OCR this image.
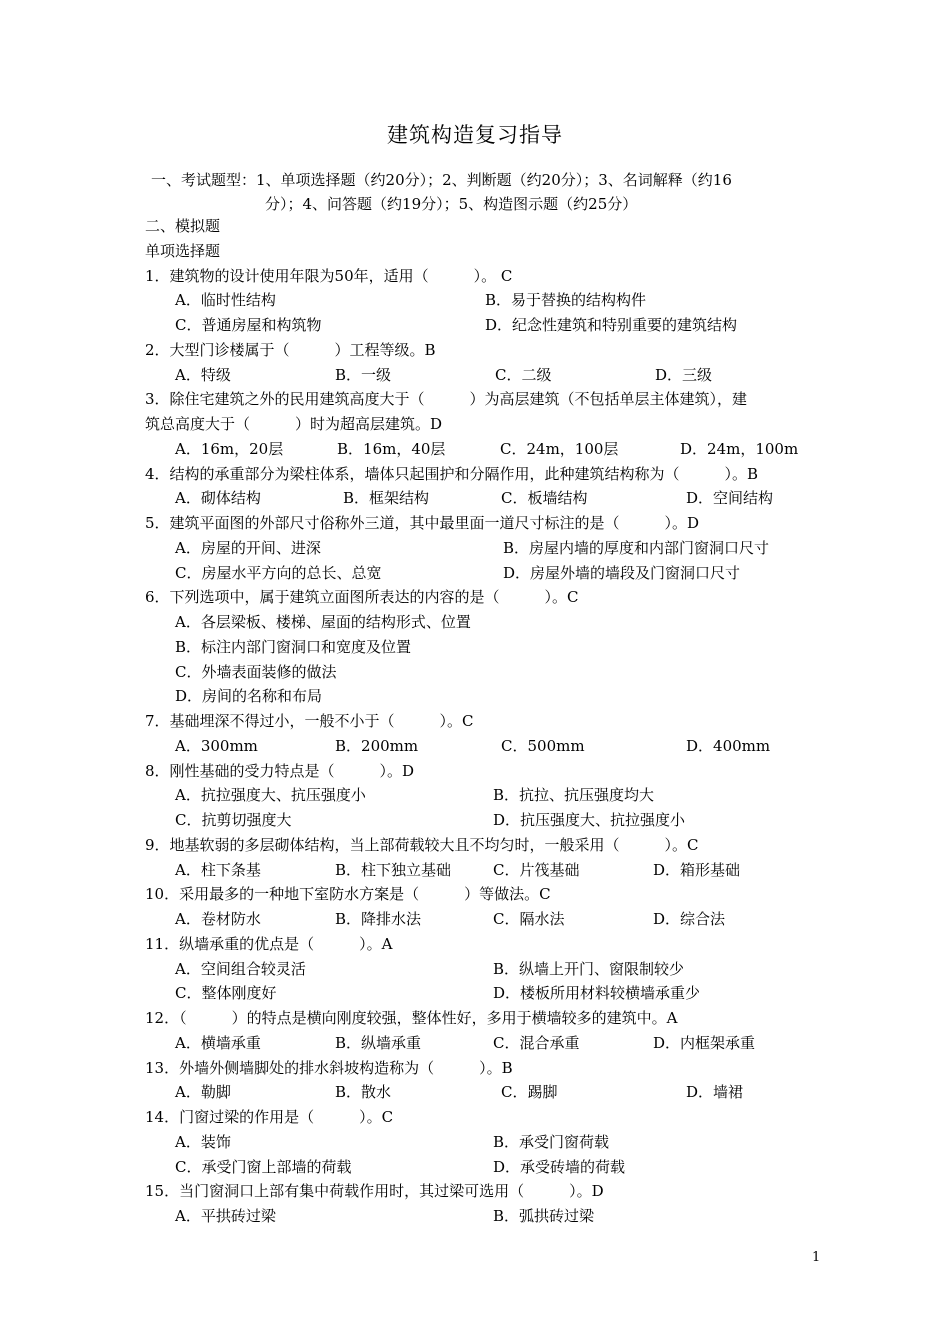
建筑构造复习指导
一、考试题型：1、单项选择题（约20分）；2、判断题（约20分）；3、名词解释（约16
分）；4、问答题（约19分）；5、构造图示题（约25分）
二、模拟题
单项选择题
1．建筑物的设计使用年限为50年，适用（　　　）。 C
A．临时性结构	B．易于替换的结构构件
C．普通房屋和构筑物	D．纪念性建筑和特别重要的建筑结构
2．大型门诊楼属于（　　　）工程等级。B
A．特级	B．一级	C．二级	D．三级
3．除住宅建筑之外的民用建筑高度大于（　　　）为高层建筑（不包括单层主体建筑），建
筑总高度大于（　　　）时为超高层建筑。D
A．16m，20层	B．16m，40层	C．24m，100层	D．24m，100m
4．结构的承重部分为梁柱体系，墙体只起围护和分隔作用，此种建筑结构称为（　　　）。B
A．砌体结构	B．框架结构	C．板墙结构	D．空间结构
5．建筑平面图的外部尺寸俗称外三道，其中最里面一道尺寸标注的是（　　　）。D
A．房屋的开间、进深	B．房屋内墙的厚度和内部门窗洞口尺寸
C．房屋水平方向的总长、总宽	D．房屋外墙的墙段及门窗洞口尺寸
6．下列选项中，属于建筑立面图所表达的内容的是（　　　）。C
A．各层梁板、楼梯、屋面的结构形式、位置
B．标注内部门窗洞口和宽度及位置
C．外墙表面装修的做法
D．房间的名称和布局
7．基础埋深不得过小，一般不小于（　　　）。C
A．300mm	B．200mm	C．500mm	D．400mm
8．刚性基础的受力特点是（　　　）。D
A．抗拉强度大、抗压强度小	B．抗拉、抗压强度均大
C．抗剪切强度大	D．抗压强度大、抗拉强度小
9．地基软弱的多层砌体结构，当上部荷载较大且不均匀时，一般采用（　　　）。C
A．柱下条基	B．柱下独立基础	C．片筏基础	D．箱形基础
10．采用最多的一种地下室防水方案是（　　　）等做法。C
A．卷材防水	B．降排水法	C．隔水法	D．综合法
11．纵墙承重的优点是（　　　）。A
A．空间组合较灵活	B．纵墙上开门、窗限制较少
C．整体刚度好	D．楼板所用材料较横墙承重少
12．（　　　）的特点是横向刚度较强，整体性好，多用于横墙较多的建筑中。A
A．横墙承重	B．纵墙承重	C．混合承重	D．内框架承重
13．外墙外侧墙脚处的排水斜坡构造称为（　　　）。B
A．勒脚	B．散水	C．踢脚	D．墙裙
14．门窗过梁的作用是（　　　）。C
A．装饰	B．承受门窗荷载
C．承受门窗上部墙的荷载	D．承受砖墙的荷载
15．当门窗洞口上部有集中荷载作用时，其过梁可选用（　　　）。D
A．平拱砖过梁	B．弧拱砖过梁
1
